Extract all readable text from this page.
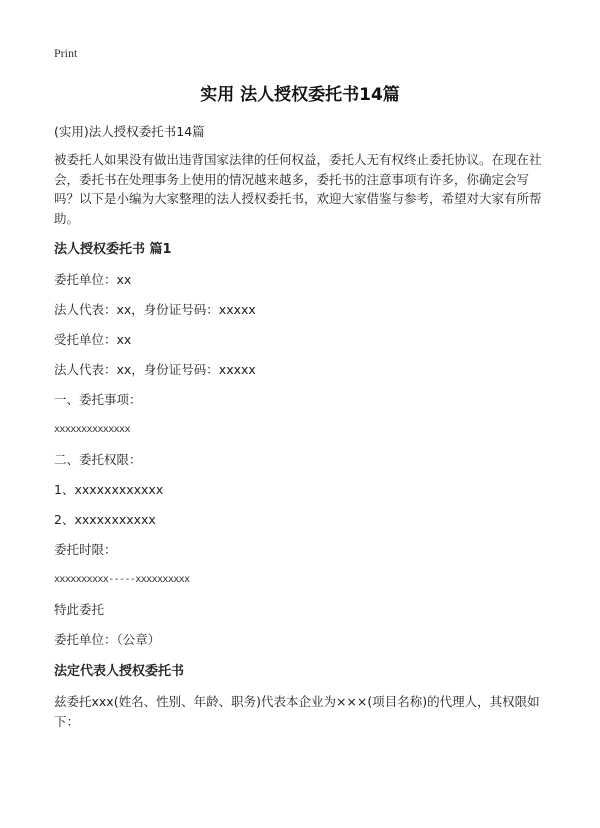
Print
实用 法人授权委托书14篇

(实用)法人授权委托书14篇

被委托人如果没有做出违背国家法律的任何权益，委托人无有权终止委托协议。在现在社会，委托书在处理事务上使用的情况越来越多，委托书的注意事项有许多，你确定会写吗？以下是小编为大家整理的法人授权委托书，欢迎大家借鉴与参考，希望对大家有所帮助。

法人授权委托书 篇1

委托单位：xx

法人代表：xx，身份证号码：xxxxx

受托单位：xx

法人代表：xx，身份证号码：xxxxx

一、委托事项：

xxxxxxxxxxxxxx

二、委托权限：

1、xxxxxxxxxxxx

2、xxxxxxxxxxx

委托时限：

xxxxxxxxxx-----xxxxxxxxxx

特此委托

委托单位：（公章）

法定代表人授权委托书

兹委托xxx(姓名、性别、年龄、职务)代表本企业为×××(项目名称)的代理人，其权限如下：
